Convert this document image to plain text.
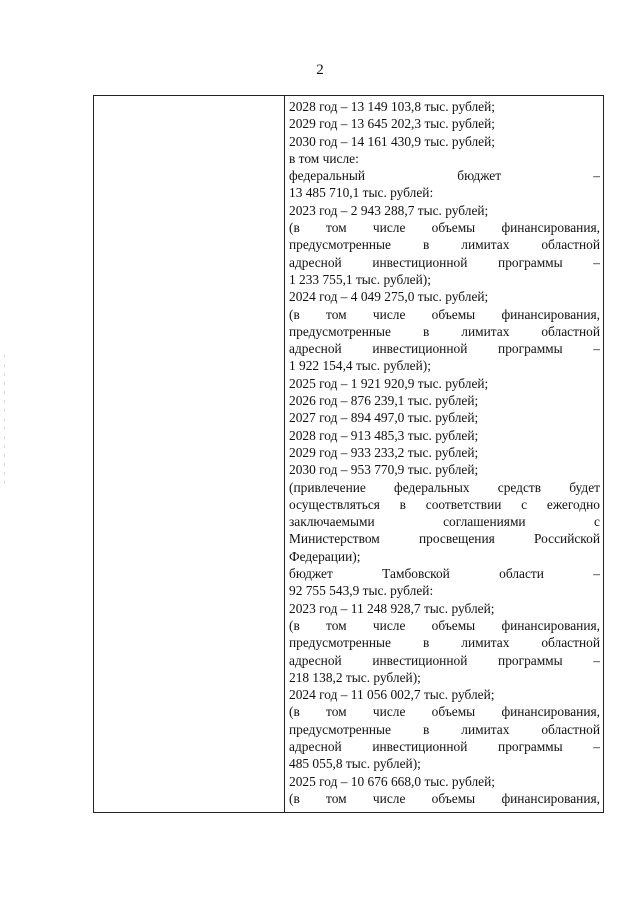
2
2028 год – 13 149 103,8 тыс. рублей;
2029 год – 13 645 202,3 тыс. рублей;
2030 год – 14 161 430,9 тыс. рублей;
в том числе:
федеральный бюджет –
13 485 710,1 тыс. рублей:
2023 год – 2 943 288,7 тыс. рублей;
(в том числе объемы финансирования,
предусмотренные в лимитах областной
адресной инвестиционной программы –
1 233 755,1 тыс. рублей);
2024 год – 4 049 275,0 тыс. рублей;
(в том числе объемы финансирования,
предусмотренные в лимитах областной
адресной инвестиционной программы –
1 922 154,4 тыс. рублей);
2025 год – 1 921 920,9 тыс. рублей;
2026 год – 876 239,1 тыс. рублей;
2027 год – 894 497,0 тыс. рублей;
2028 год – 913 485,3 тыс. рублей;
2029 год – 933 233,2 тыс. рублей;
2030 год – 953 770,9 тыс. рублей;
(привлечение федеральных средств будет
осуществляться в соответствии с ежегодно
заключаемыми соглашениями с
Министерством просвещения Российской
Федерации);
бюджет Тамбовской области –
92 755 543,9 тыс. рублей:
2023 год – 11 248 928,7 тыс. рублей;
(в том числе объемы финансирования,
предусмотренные в лимитах областной
адресной инвестиционной программы –
218 138,2 тыс. рублей);
2024 год – 11 056 002,7 тыс. рублей;
(в том числе объемы финансирования,
предусмотренные в лимитах областной
адресной инвестиционной программы –
485 055,8 тыс. рублей);
2025 год – 10 676 668,0 тыс. рублей;
(в том числе объемы финансирования,
